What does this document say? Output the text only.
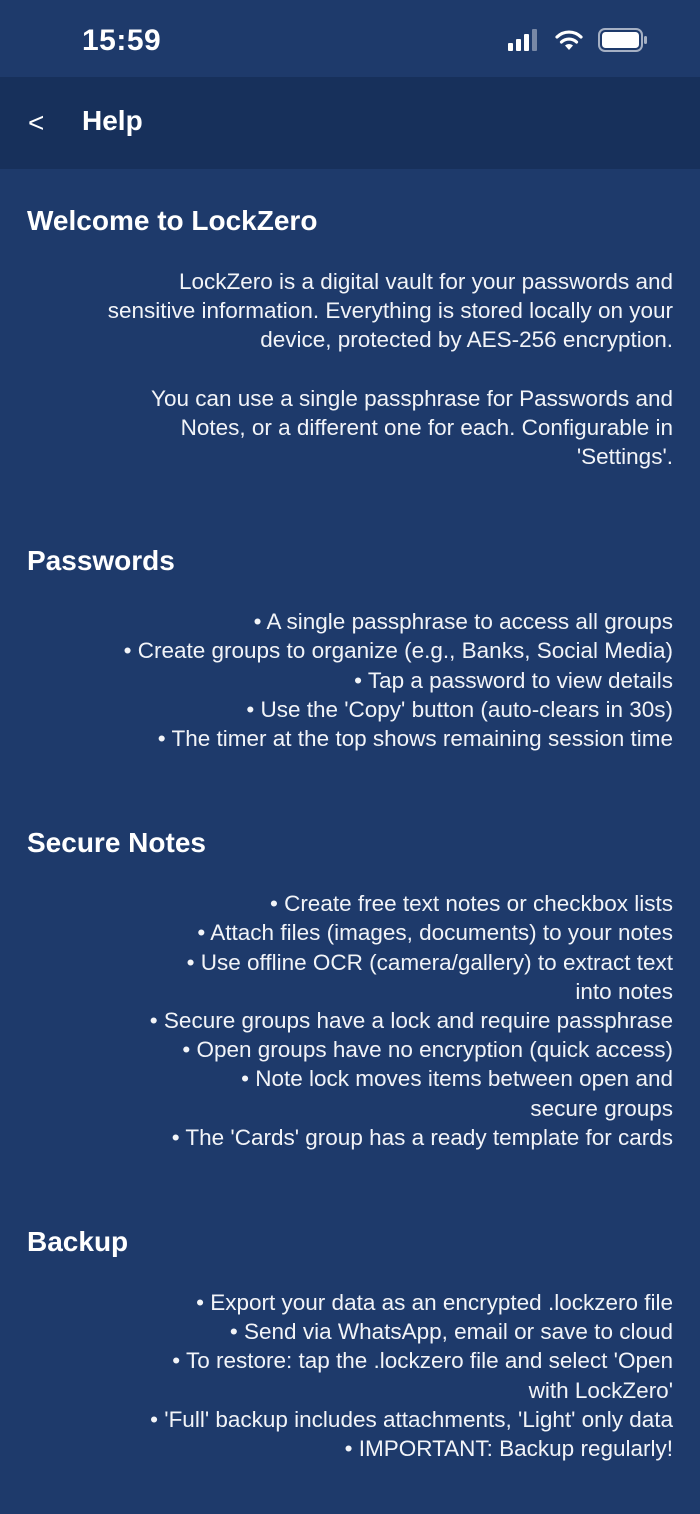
15:59
<	Help
Welcome to LockZero
LockZero is a digital vault for your passwords and
sensitive information. Everything is stored locally on your
device, protected by AES-256 encryption.
You can use a single passphrase for Passwords and
Notes, or a different one for each. Configurable in
'Settings'.
Passwords
• A single passphrase to access all groups
• Create groups to organize (e.g., Banks, Social Media)
• Tap a password to view details
• Use the 'Copy' button (auto-clears in 30s)
• The timer at the top shows remaining session time
Secure Notes
• Create free text notes or checkbox lists
• Attach files (images, documents) to your notes
• Use offline OCR (camera/gallery) to extract text
into notes
• Secure groups have a lock and require passphrase
• Open groups have no encryption (quick access)
• Note lock moves items between open and
secure groups
• The 'Cards' group has a ready template for cards
Backup
• Export your data as an encrypted .lockzero file
• Send via WhatsApp, email or save to cloud
• To restore: tap the .lockzero file and select 'Open
with LockZero'
• 'Full' backup includes attachments, 'Light' only data
• IMPORTANT: Backup regularly!
